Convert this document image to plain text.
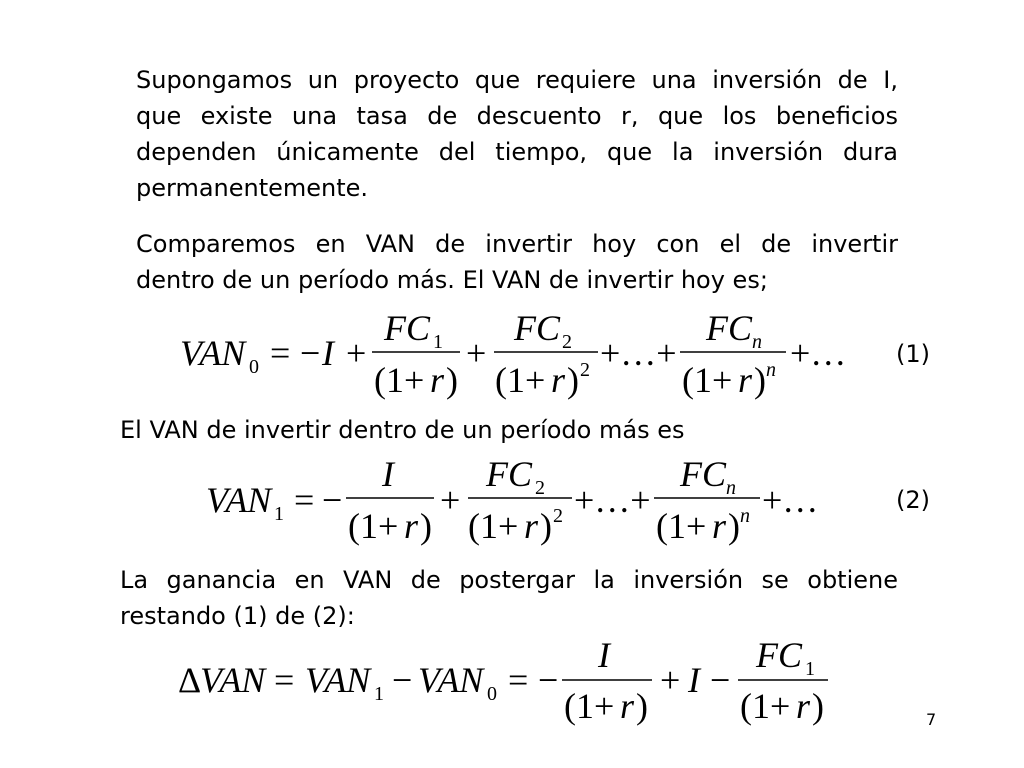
Supongamos un proyecto que requiere una inversión de I,
que existe una tasa de descuento r, que los beneficios
dependen únicamente del tiempo, que la inversión dura
permanentemente.
Comparemos en VAN de invertir hoy con el de invertir
dentro de un período más. El VAN de invertir hoy es;
El VAN de invertir dentro de un período más es
La ganancia en VAN de postergar la inversión se obtiene
restando (1) de (2):
VAN 0 = − I +
FC 1
(1+ r )
+
FC 2
(1+ r ) 2 +…+
FC n
(1+ r ) n +…
VAN 1 = −
I
(1+ r )
+
FC 2
(1+ r ) 2 +…+
FC n
(1+ r ) n +…
Δ
VAN = VAN 1 − VAN 0 = −
I
(1+ r )
+ I −
FC 1
(1+ r )
(1)
(2)
7
